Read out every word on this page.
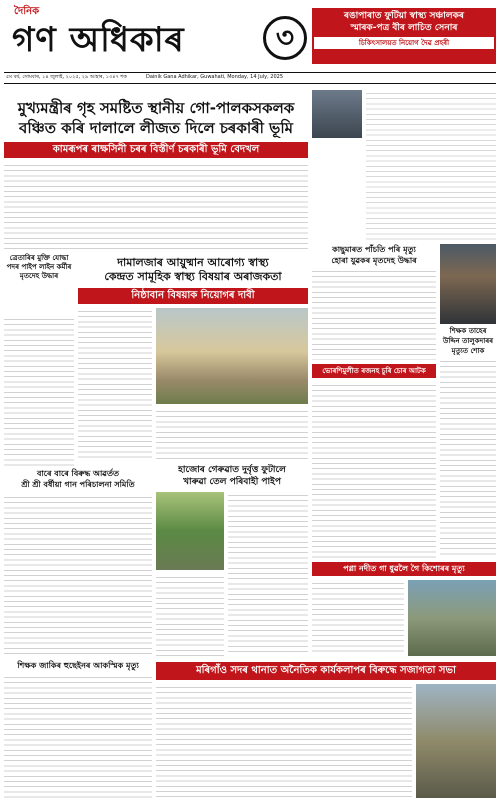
দৈনিক
গণ অধিকাৰ	৩
ৰঙাপাৰাত ফুটিয়া স্বাস্থ্য সঞ্চালকৰ
স্মাৰক-পত্ৰ বীৰ লাচিত সেনাৰ
চিকিৎসালয়ত নিয়োগ দৈৱ প্ৰহৰী
৫ম বৰ্ষ, সোমবাৰ, ১৪ জুলাই, ২০২৫, ২৯ আহাৰ, ১৩৪৭ শক	Dainik Gana Adhikar, Guwahati, Monday, 14 July, 2025
মুখ্যমন্ত্ৰীৰ গৃহ সমষ্টিত স্থানীয় গো-পালকসকলক
বঞ্চিত কৰি দালালে লীজত দিলে চৰকাৰী ভূমি
কামৰূপৰ ৰাক্ষসিনী চৰৰ বিস্তীৰ্ণ চৰকাৰী ভূমি বেদখল
ত্ৰেতাৰিৰ মুক্তি যোদ্ধা পদৰ পাইপ লাইন কৰ্মীৰ মৃতদেহ উদ্ধাৰ
দামালজাৰ আয়ুষ্মান আৰোগ্য স্বাস্থ্য
কেন্দ্ৰত সামূহিক স্বাস্থ্য বিষয়াৰ অৰাজকতা
নিষ্ঠাবান বিষয়াক নিয়োগৰ দাবী
কাছুমাৰত পাঁচতি পৰি মৃত্যু
হোৰা যুৱকৰ মৃতদেহ উদ্ধাৰ
শিক্ষক তাহেৰ
উদ্দিন তালুকদাৰৰ
মৃত্যুত শোক
ভোৰশিমুলীত ৰজনহ চুৰি চোৰ আটক
বাৰে বাৰে বিৰুদ্ধ আৱৰ্তত
শ্ৰী শ্ৰী বৰ্ষীয়া গান পৰিচালনা সমিতি
হাজোৰ গেৰুৱাত দুৰ্বৃত্ত ফুটালে
খাৰুৱা তেল পৰিবাহী পাইপ
পগ্লা নদীত গা ধুৱলৈ গৈ কিশোৰৰ মৃত্যু
শিক্ষক জাকিৰ হুছেইনৰ আকস্মিক মৃত্যু	মৰিগাঁও সদৰ থানাত অনৈতিক কাৰ্যকলাপৰ বিৰুদ্ধে সজাগতা সভা
